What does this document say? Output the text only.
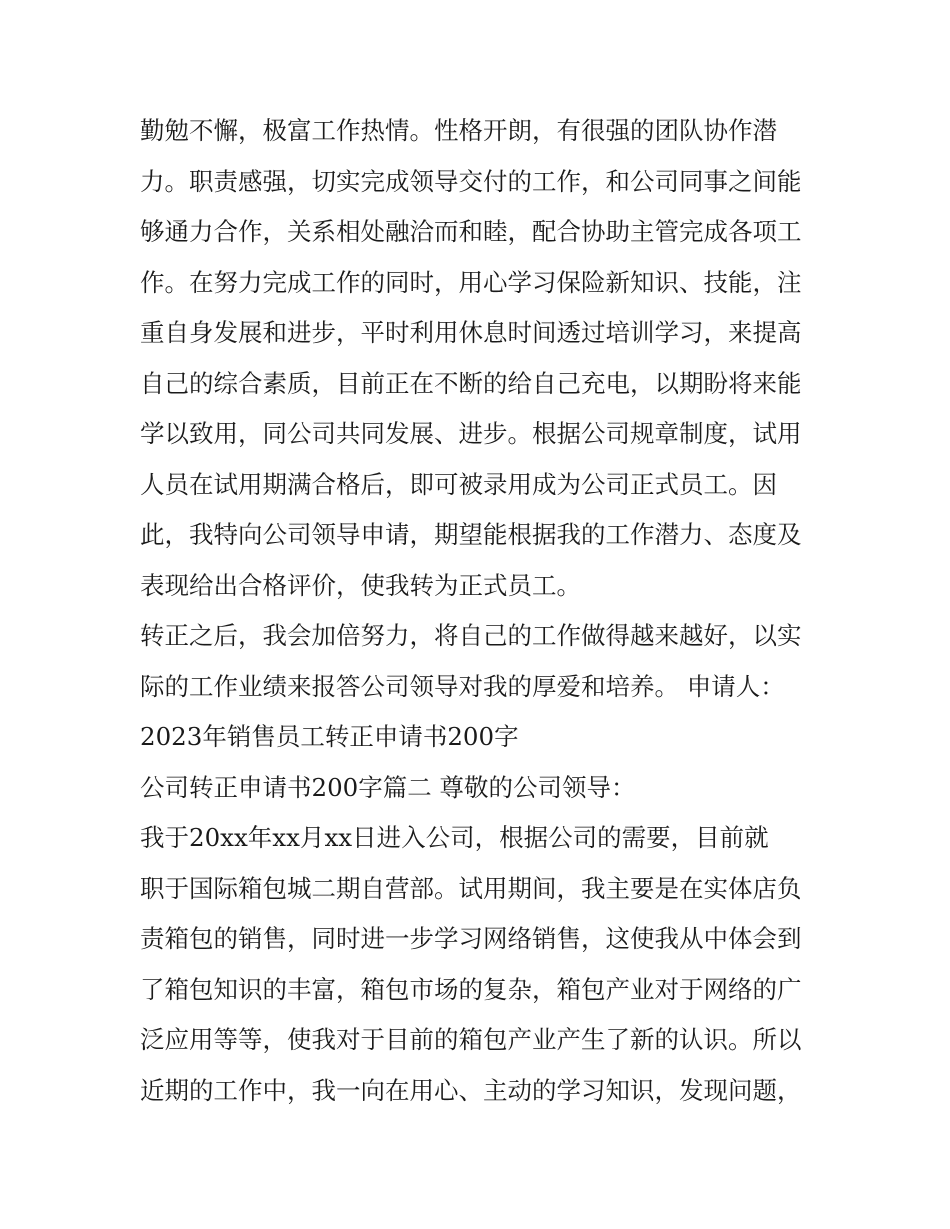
勤勉不懈，极富工作热情。性格开朗，有很强的团队协作潜
力。职责感强，切实完成领导交付的工作，和公司同事之间能
够通力合作，关系相处融洽而和睦，配合协助主管完成各项工
作。在努力完成工作的同时，用心学习保险新知识、技能，注
重自身发展和进步，平时利用休息时间透过培训学习，来提高
自己的综合素质，目前正在不断的给自己充电，以期盼将来能
学以致用，同公司共同发展、进步。根据公司规章制度，试用
人员在试用期满合格后，即可被录用成为公司正式员工。因
此，我特向公司领导申请，期望能根据我的工作潜力、态度及
表现给出合格评价，使我转为正式员工。
转正之后，我会加倍努力，将自己的工作做得越来越好，以实
际的工作业绩来报答公司领导对我的厚爱和培养。 申请人：
2023年销售员工转正申请书200字
公司转正申请书200字篇二 尊敬的公司领导：
我于20xx年xx月xx日进入公司，根据公司的需要，目前就
职于国际箱包城二期自营部。试用期间，我主要是在实体店负
责箱包的销售，同时进一步学习网络销售，这使我从中体会到
了箱包知识的丰富，箱包市场的复杂，箱包产业对于网络的广
泛应用等等，使我对于目前的箱包产业产生了新的认识。所以
近期的工作中，我一向在用心、主动的学习知识，发现问题，
